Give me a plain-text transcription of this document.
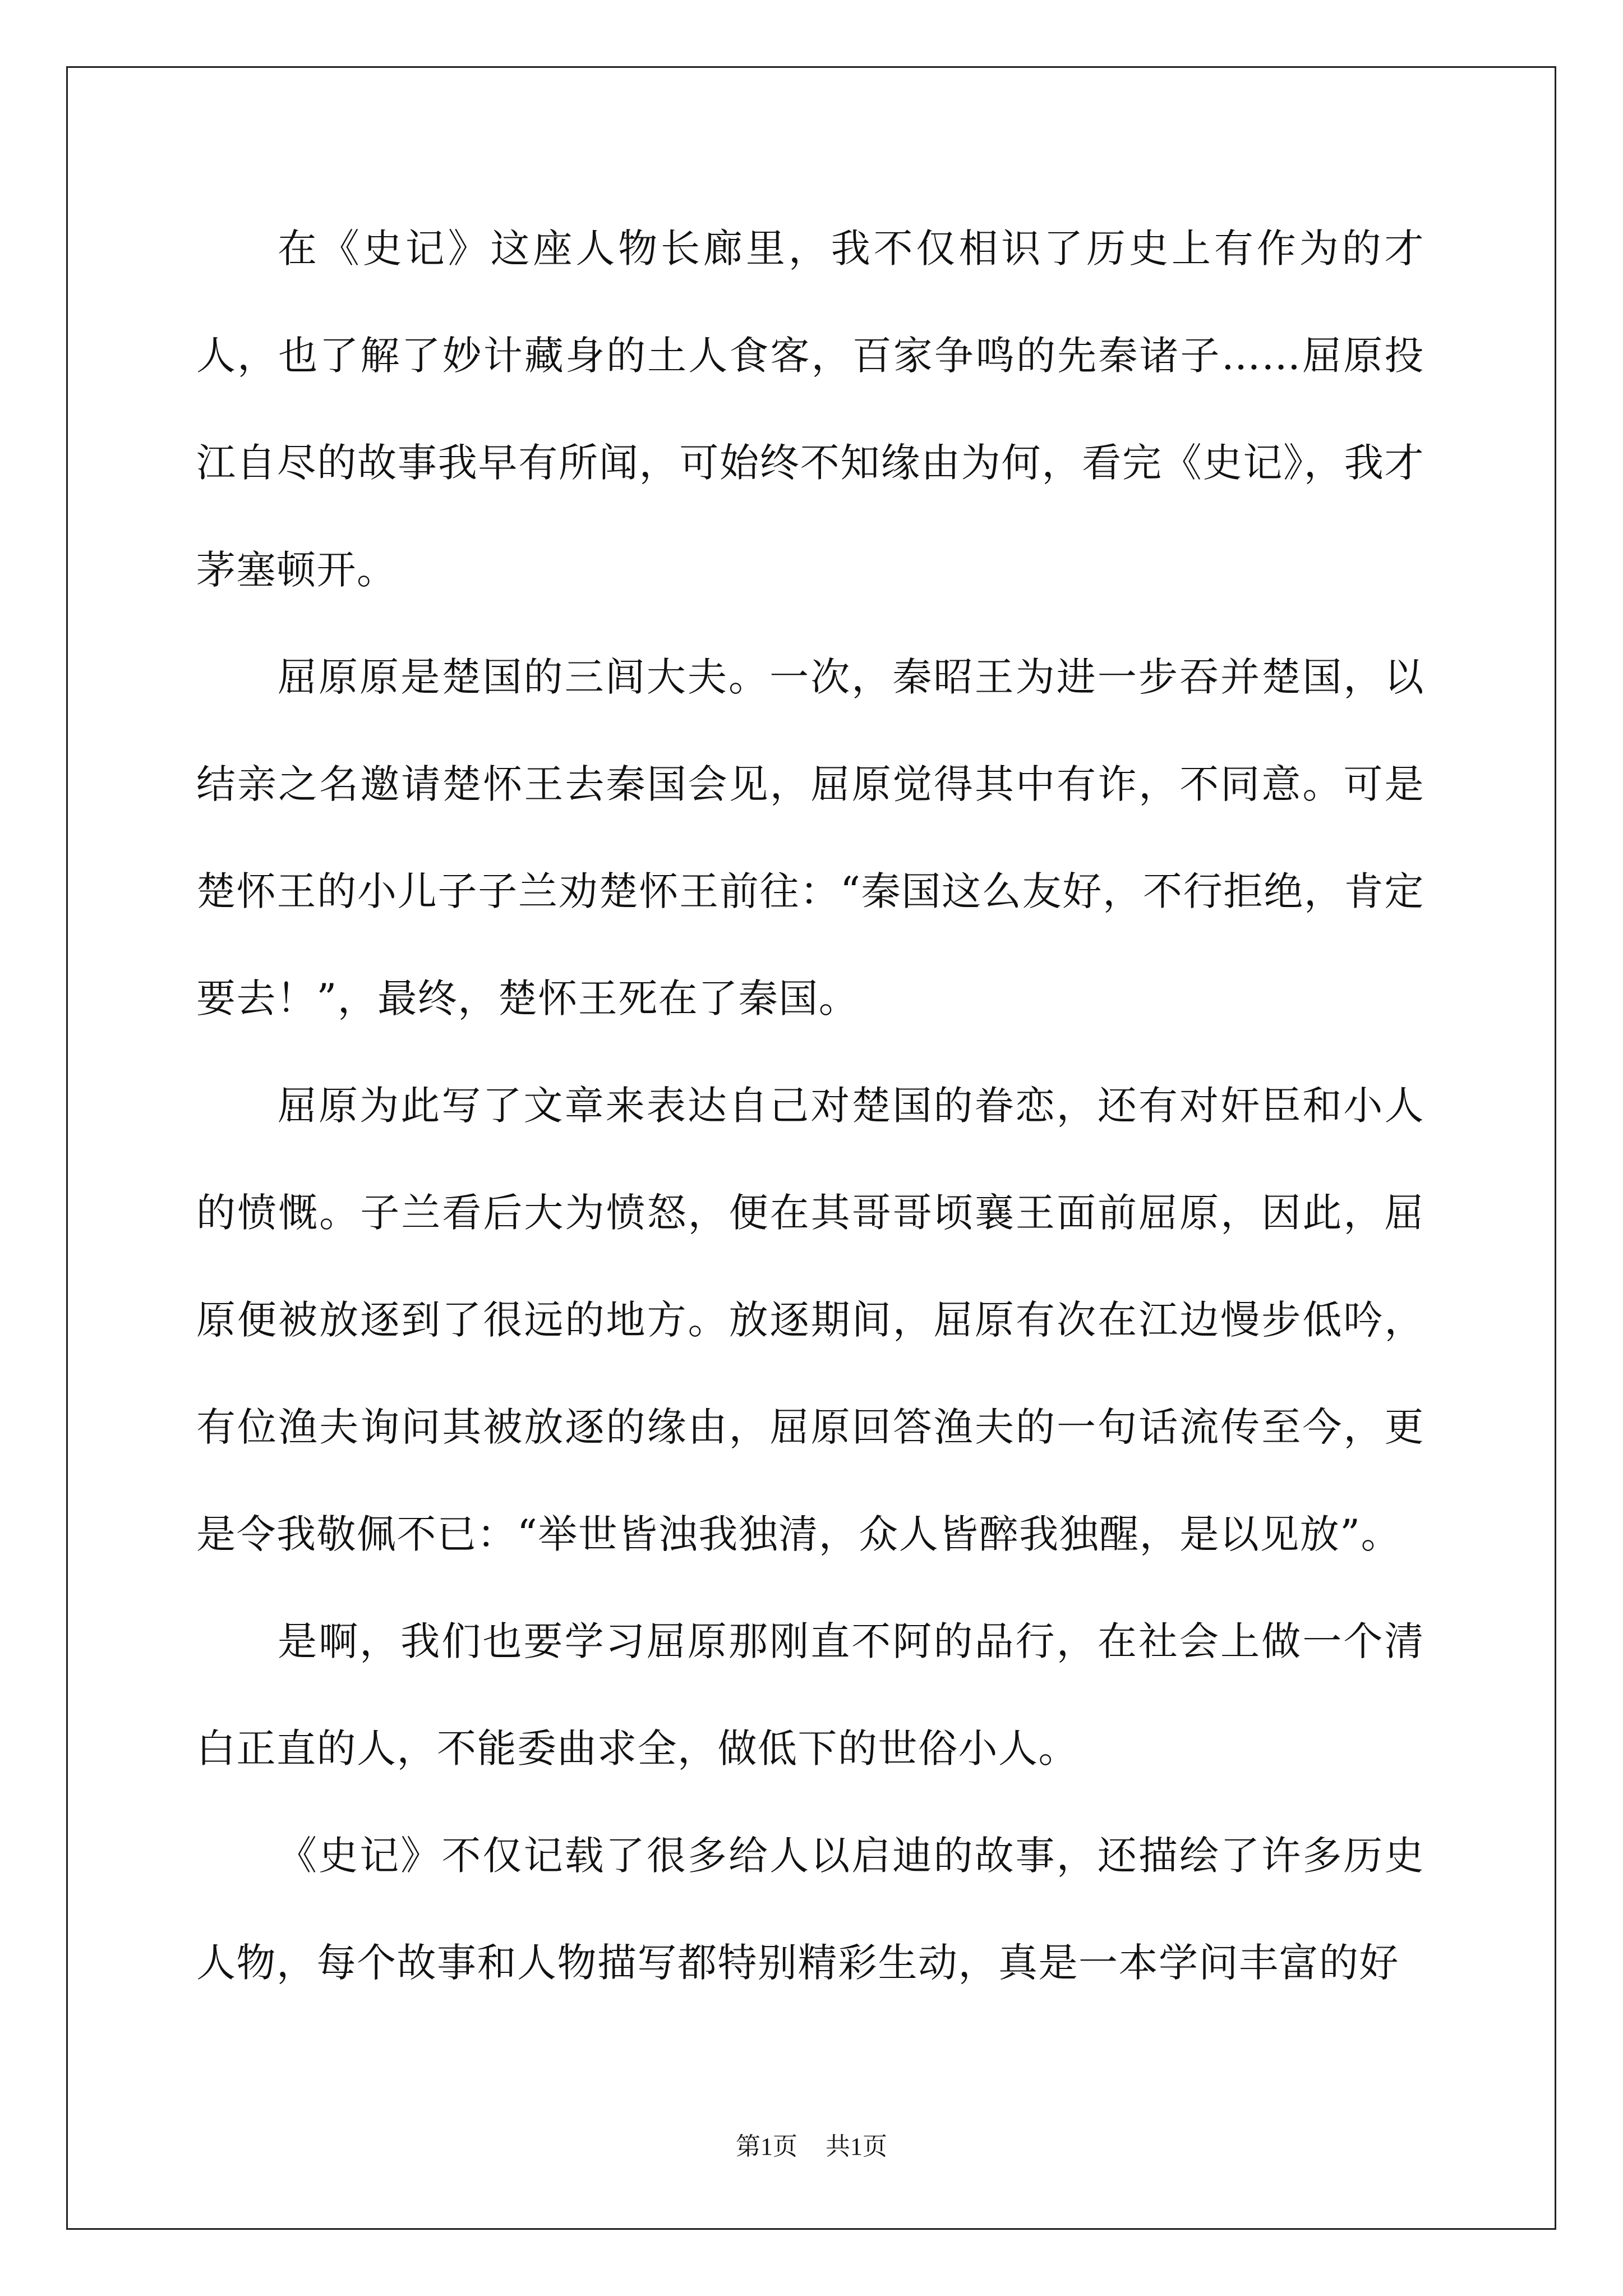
在《史记》这座人物长廊里，我不仅相识了历史上有作为的才人，也了解了妙计藏身的土人食客，百家争鸣的先秦诸子……屈原投江自尽的故事我早有所闻，可始终不知缘由为何，看完《史记》，我才茅塞顿开。

屈原原是楚国的三闾大夫。一次，秦昭王为进一步吞并楚国，以结亲之名邀请楚怀王去秦国会见，屈原觉得其中有诈，不同意。可是楚怀王的小儿子子兰劝楚怀王前往：“秦国这么友好，不行拒绝，肯定要去！”，最终，楚怀王死在了秦国。

屈原为此写了文章来表达自己对楚国的眷恋，还有对奸臣和小人的愤慨。子兰看后大为愤怒，便在其哥哥顷襄王面前屈原，因此，屈原便被放逐到了很远的地方。放逐期间，屈原有次在江边慢步低吟，有位渔夫询问其被放逐的缘由，屈原回答渔夫的一句话流传至今，更是令我敬佩不已：“举世皆浊我独清，众人皆醉我独醒，是以见放”。

是啊，我们也要学习屈原那刚直不阿的品行，在社会上做一个清白正直的人，不能委曲求全，做低下的世俗小人。

《史记》不仅记载了很多给人以启迪的故事，还描绘了许多历史人物，每个故事和人物描写都特别精彩生动，真是一本学问丰富的好

第1页 共1页
